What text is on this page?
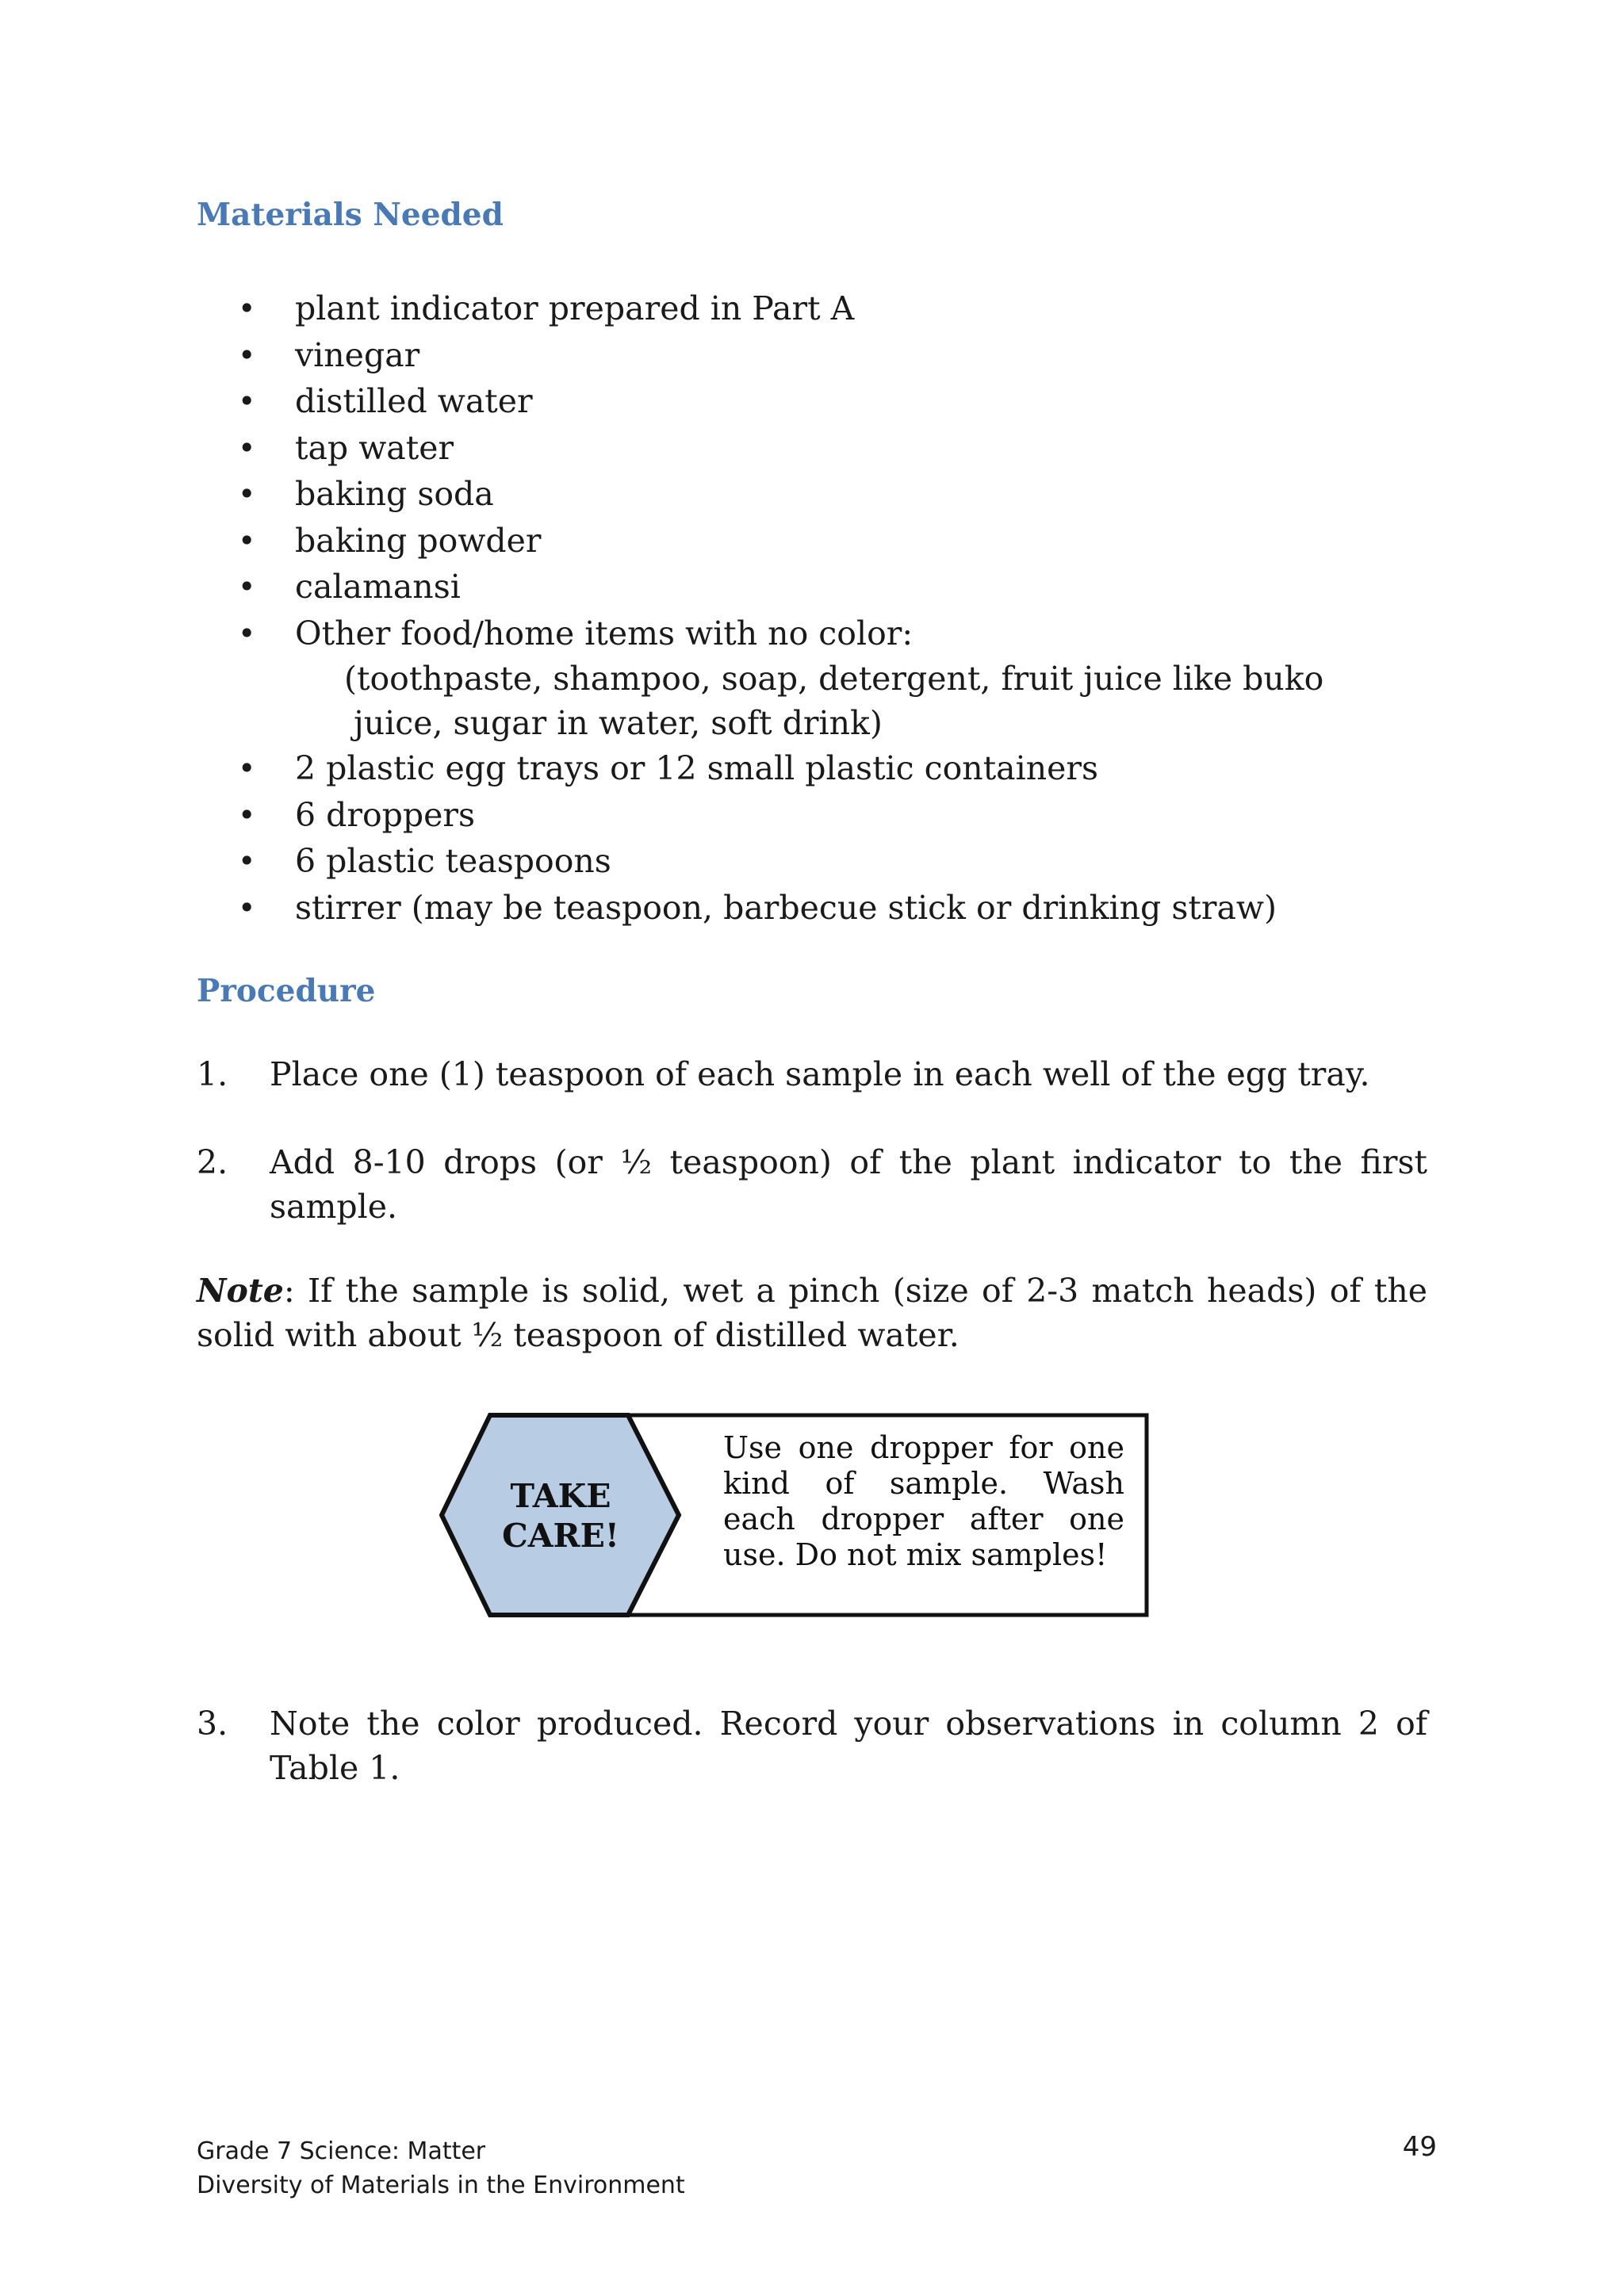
Materials Needed
• plant indicator prepared in Part A
• vinegar
• distilled water
• tap water
• baking soda
• baking powder
• calamansi
• Other food/home items with no color:
(toothpaste, shampoo, soap, detergent, fruit juice like buko
juice, sugar in water, soft drink)
• 2 plastic egg trays or 12 small plastic containers
• 6 droppers
• 6 plastic teaspoons
• stirrer (may be teaspoon, barbecue stick or drinking straw)
Procedure
1. Place one (1) teaspoon of each sample in each well of the egg tray.
2. Add 8-10 drops (or ½ teaspoon) of the plant indicator to the first sample.

Note: If the sample is solid, wet a pinch (size of 2-3 match heads) of the solid with about ½ teaspoon of distilled water.

TAKE
CARE!
Use one dropper for one kind of sample. Wash each dropper after one use. Do not mix samples!
3. Note the color produced. Record your observations in column 2 of Table 1.
Grade 7 Science: Matter
Diversity of Materials in the Environment
49
